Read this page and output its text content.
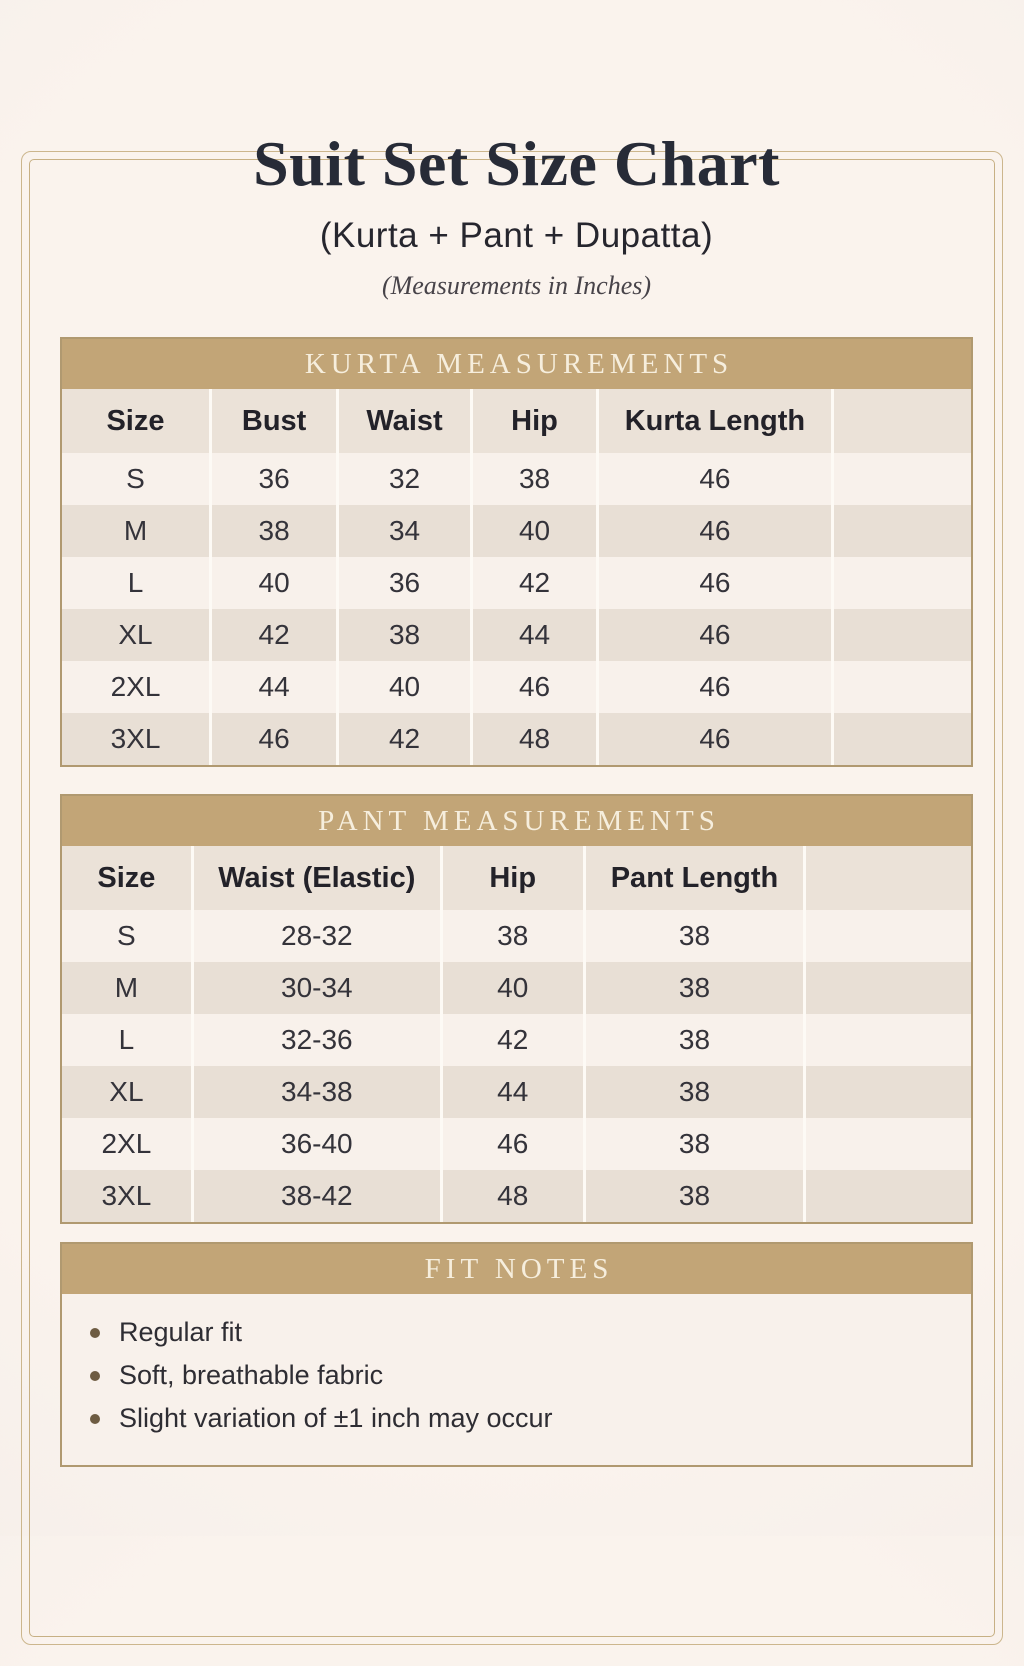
Suit Set Size Chart
(Kurta + Pant + Dupatta)
(Measurements in Inches)
KURTA MEASUREMENTS
Size	Bust	Waist	Hip	Kurta Length
S	36	32	38	46
M	38	34	40	46
L	40	36	42	46
XL	42	38	44	46
2XL	44	40	46	46
3XL	46	42	48	46
PANT MEASUREMENTS
Size	Waist (Elastic)	Hip	Pant Length
S	28-32	38	38
M	30-34	40	38
L	32-36	42	38
XL	34-38	44	38
2XL	36-40	46	38
3XL	38-42	48	38
FIT NOTES
Regular fit
Soft, breathable fabric
Slight variation of ±1 inch may occur
